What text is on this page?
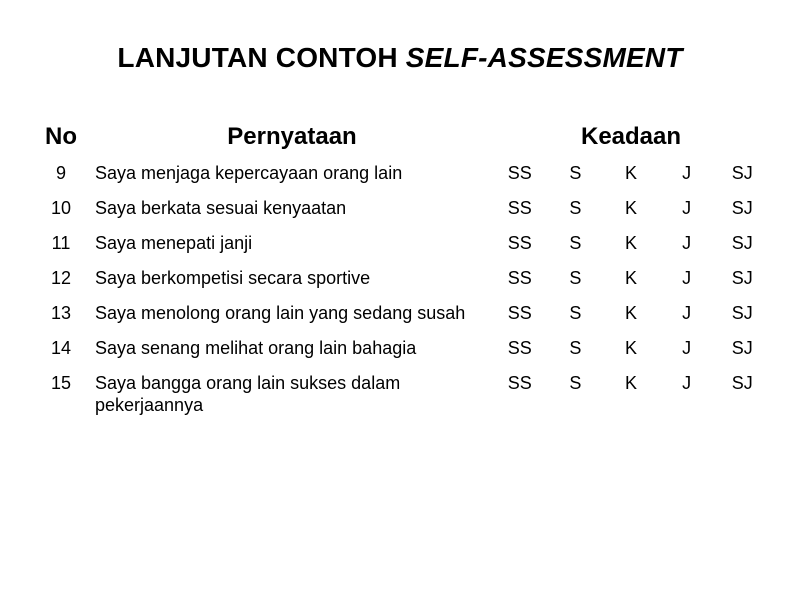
LANJUTAN CONTOH SELF-ASSESSMENT
No	Pernyataan	Keadaan				
9	Saya menjaga kepercayaan orang lain	SS	S	K	J	SJ
10	Saya berkata sesuai kenyaatan	SS	S	K	J	SJ
11	Saya menepati janji	SS	S	K	J	SJ
12	Saya berkompetisi secara sportive	SS	S	K	J	SJ
13	Saya menolong orang lain yang sedang susah	SS	S	K	J	SJ
14	Saya senang melihat orang lain bahagia	SS	S	K	J	SJ
15	Saya bangga orang lain sukses dalam pekerjaannya	SS	S	K	J	SJ
